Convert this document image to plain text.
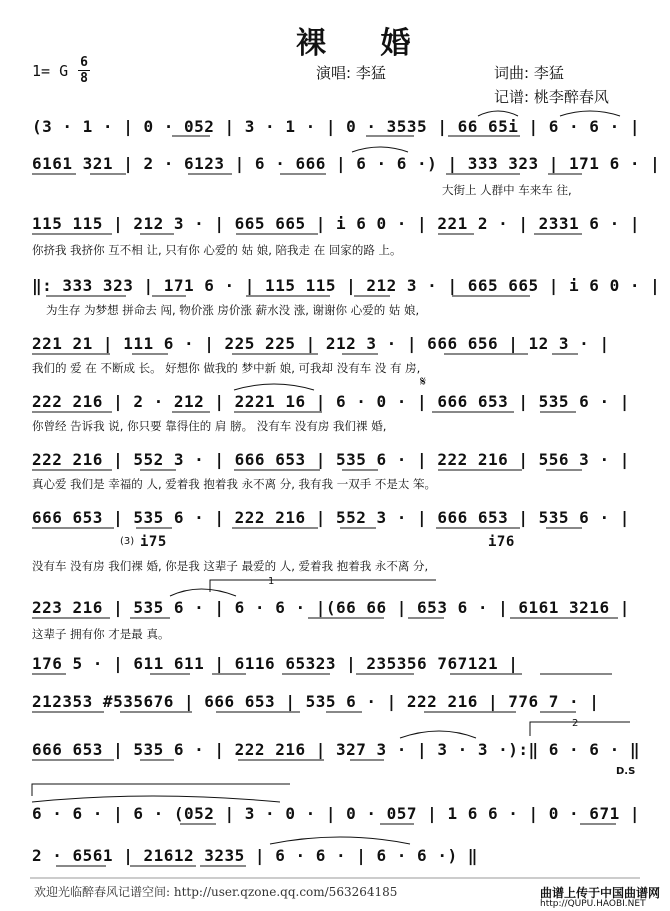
裸 婚
1= G 6
8	演唱: 李猛	词曲: 李猛
记谱: 桃李醉春风
(3 · 1 · | 0 · 052 | 3 · 1 · | 0 · 3535 | 66 65i | 6 · 6 · |
6161 321 | 2 · 6123 | 6 · 666 | 6 · 6 ·) | 333 323 | 171 6 · |
大街上 人群中 车来车 往,
115 115 | 212 3 · | 665 665 | i 6 0 · | 221 2 · | 2331 6 · |
你挤我 我挤你 互不相 让, 只有你 心爱的 姑 娘, 陪我走 在 回家的路 上。
‖: 333 323 | 171 6 · | 115 115 | 212 3 · | 665 665 | i 6 0 · |
为生存 为梦想 拼命去 闯, 物价涨 房价涨 薪水没 涨, 谢谢你 心爱的 姑 娘,
221 21 | 111 6 · | 225 225 | 212 3 · | 666 656 | 12 3 · |
我们的 爱 在 不断成 长。 好想你 做我的 梦中新 娘, 可我却 没有车 没 有 房,
222 216 | 2 · 212 | 2221 16 | 6 · 0 · | 666 653 | 535 6 · |
你曾经 告诉我 说, 你只要 靠得住的 肩 膀。 没有车 没有房 我们裸 婚,
222 216 | 552 3 · | 666 653 | 535 6 · | 222 216 | 556 3 · |
真心爱 我们是 幸福的 人, 爱着我 抱着我 永不离 分, 我有我 一双手 不是太 笨。
666 653 | 535 6 · | 222 216 | 552 3 · | 666 653 | 535 6 · |
没有车 没有房 我们裸 婚, 你是我 这辈子 最爱的 人, 爱着我 抱着我 永不离 分,
223 216 | 535 6 · | 6 · 6 · |(66 66 | 653 6 · | 6161 3216 |
这辈子 拥有你 才是最 真。
176 5 · | 611 611 | 6116 65323 | 235356 767121 |
212353 #535676 | 666 653 | 535 6 · | 222 216 | 776 7 · |
666 653 | 535 6 · | 222 216 | 327 3 · | 3 · 3 ·):‖ 6 · 6 · ‖
6 · 6 · | 6 · (052 | 3 · 0 · | 0 · 057 | 1 6 6 · | 0 · 671 |
2 · 6561 | 21612 3235 | 6 · 6 · | 6 · 6 ·) ‖
𝄋
D.S
1
2
(3) i75	i76
欢迎光临醉春风记谱空间: http://user.qzone.qq.com/563264185	曲谱上传于中国曲谱网
http://QUPU.HAOBI.NET
